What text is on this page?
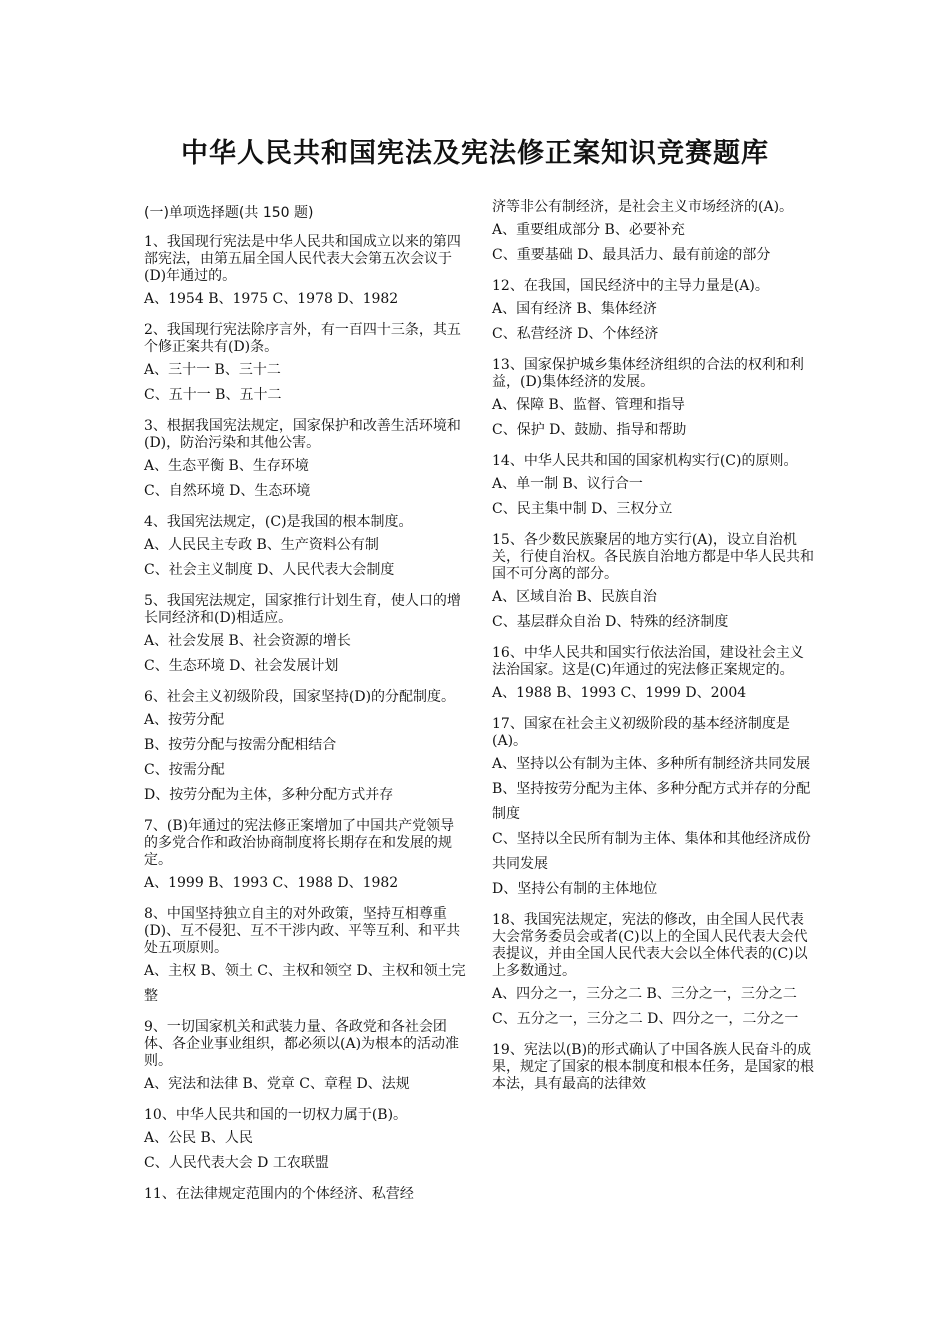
中华人民共和国宪法及宪法修正案知识竞赛题库
(一)单项选择题(共 150 题)
1、我国现行宪法是中华人民共和国成立以来的第四部宪法，由第五届全国人民代表大会第五次会议于(D)年通过的。
A、1954 B、1975 C、1978 D、1982
2、我国现行宪法除序言外，有一百四十三条，其五个修正案共有(D)条。
A、三十一 B、三十二
C、五十一 B、五十二
3、根据我国宪法规定，国家保护和改善生活环境和(D)，防治污染和其他公害。
A、生态平衡 B、生存环境
C、自然环境 D、生态环境
4、我国宪法规定，(C)是我国的根本制度。
A、人民民主专政 B、生产资料公有制
C、社会主义制度 D、人民代表大会制度
5、我国宪法规定，国家推行计划生育，使人口的增长同经济和(D)相适应。
A、社会发展 B、社会资源的增长
C、生态环境 D、社会发展计划
6、社会主义初级阶段，国家坚持(D)的分配制度。
A、按劳分配
B、按劳分配与按需分配相结合
C、按需分配
D、按劳分配为主体，多种分配方式并存
7、(B)年通过的宪法修正案增加了中国共产党领导的多党合作和政治协商制度将长期存在和发展的规定。
A、1999 B、1993 C、1988 D、1982
8、中国坚持独立自主的对外政策，坚持互相尊重(D)、互不侵犯、互不干涉内政、平等互利、和平共处五项原则。
A、主权 B、领土 C、主权和领空 D、主权和领土完整
9、一切国家机关和武装力量、各政党和各社会团体、各企业事业组织，都必须以(A)为根本的活动准则。
A、宪法和法律 B、党章 C、章程 D、法规
10、中华人民共和国的一切权力属于(B)。
A、公民 B、人民
C、人民代表大会 D 工农联盟
11、在法律规定范围内的个体经济、私营经
济等非公有制经济，是社会主义市场经济的(A)。
A、重要组成部分 B、必要补充
C、重要基础 D、最具活力、最有前途的部分
12、在我国，国民经济中的主导力量是(A)。
A、国有经济 B、集体经济
C、私营经济 D、个体经济
13、国家保护城乡集体经济组织的合法的权利和利益，(D)集体经济的发展。
A、保障 B、监督、管理和指导
C、保护 D、鼓励、指导和帮助
14、中华人民共和国的国家机构实行(C)的原则。
A、单一制 B、议行合一
C、民主集中制 D、三权分立
15、各少数民族聚居的地方实行(A)，设立自治机关，行使自治权。各民族自治地方都是中华人民共和国不可分离的部分。
A、区域自治 B、民族自治
C、基层群众自治 D、特殊的经济制度
16、中华人民共和国实行依法治国，建设社会主义法治国家。这是(C)年通过的宪法修正案规定的。
A、1988 B、1993 C、1999 D、2004
17、国家在社会主义初级阶段的基本经济制度是(A)。
A、坚持以公有制为主体、多种所有制经济共同发展
B、坚持按劳分配为主体、多种分配方式并存的分配制度
C、坚持以全民所有制为主体、集体和其他经济成份共同发展
D、坚持公有制的主体地位
18、我国宪法规定，宪法的修改，由全国人民代表大会常务委员会或者(C)以上的全国人民代表大会代表提议，并由全国人民代表大会以全体代表的(C)以上多数通过。
A、四分之一，三分之二 B、三分之一，三分之二
C、五分之一，三分之二 D、四分之一，二分之一
19、宪法以(B)的形式确认了中国各族人民奋斗的成果，规定了国家的根本制度和根本任务，是国家的根本法，具有最高的法律效
